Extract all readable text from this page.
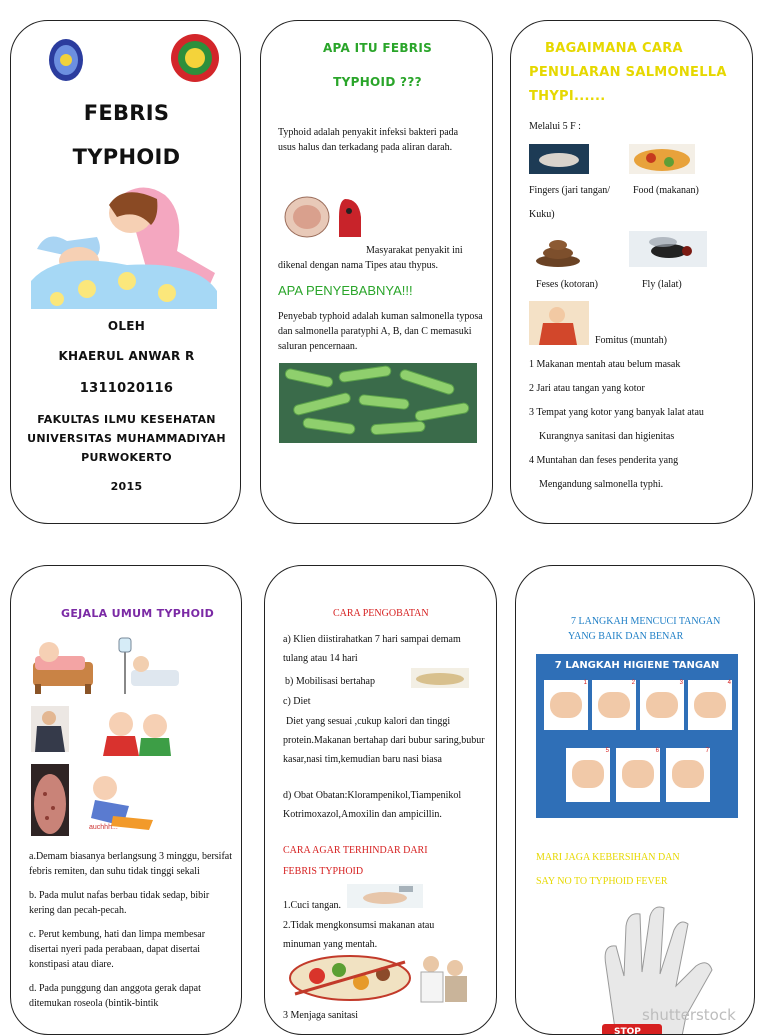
FEBRIS
TYPHOID
OLEH
KHAERUL ANWAR R
1311020116
FAKULTAS ILMU KESEHATAN
UNIVERSITAS MUHAMMADIYAH
PURWOKERTO
2015
APA ITU FEBRIS
TYPHOID ???
Typhoid adalah penyakit infeksi bakteri pada usus halus dan terkadang pada aliran darah.
Masyarakat penyakit ini dikenal dengan nama Tipes atau thypus.
APA PENYEBABNYA!!!
Penyebab typhoid adalah kuman salmonella typosa dan salmonella paratyphi A, B, dan C memasuki saluran pencernaan.
BAGAIMANA CARA
PENULARAN SALMONELLA
THYPI......
Melalui 5 F :
Fingers (jari tangan/ Food (makanan)
Kuku)
Feses (kotoran)	Fly (lalat)
Fomitus (muntah)
1 Makanan mentah atau belum masak
2 Jari atau tangan yang kotor
3 Tempat yang kotor yang banyak lalat atau
Kurangnya sanitasi dan higienitas
4 Muntahan dan feses penderita yang
Mengandung salmonella typhi.
GEJALA UMUM TYPHOID
auchhh...
a.Demam biasanya berlangsung 3 minggu, bersifat febris remiten, dan suhu tidak tinggi sekali
b. Pada mulut nafas berbau tidak sedap, bibir kering dan pecah-pecah.
c. Perut kembung, hati dan limpa membesar disertai nyeri pada perabaan, dapat disertai konstipasi atau diare.
d. Pada punggung dan anggota gerak dapat ditemukan roseola (bintik-bintik
CARA PENGOBATAN
a) Klien diistirahatkan 7 hari sampai demam tulang atau 14 hari
b) Mobilisasi bertahap
c) Diet
Diet yang sesuai ,cukup kalori dan tinggi protein.Makanan bertahap dari bubur saring,bubur kasar,nasi tim,kemudian baru nasi biasa
d) Obat Obatan:Klorampenikol,Tiampenikol Kotrimoxazol,Amoxilin dan ampicillin.
CARA AGAR TERHINDAR DARI
FEBRIS TYPHOID
1.Cuci tangan.
2.Tidak mengkonsumsi makanan atau minuman yang mentah.
3 Menjaga sanitasi
7 LANGKAH MENCUCI TANGAN
YANG BAIK DAN BENAR
7 LANGKAH HIGIENE TANGAN
1	2	3	4
5	6	7
MARI JAGA KEBERSIHAN DAN
SAY NO TO TYPHOID FEVER
shutterstock
STOP
